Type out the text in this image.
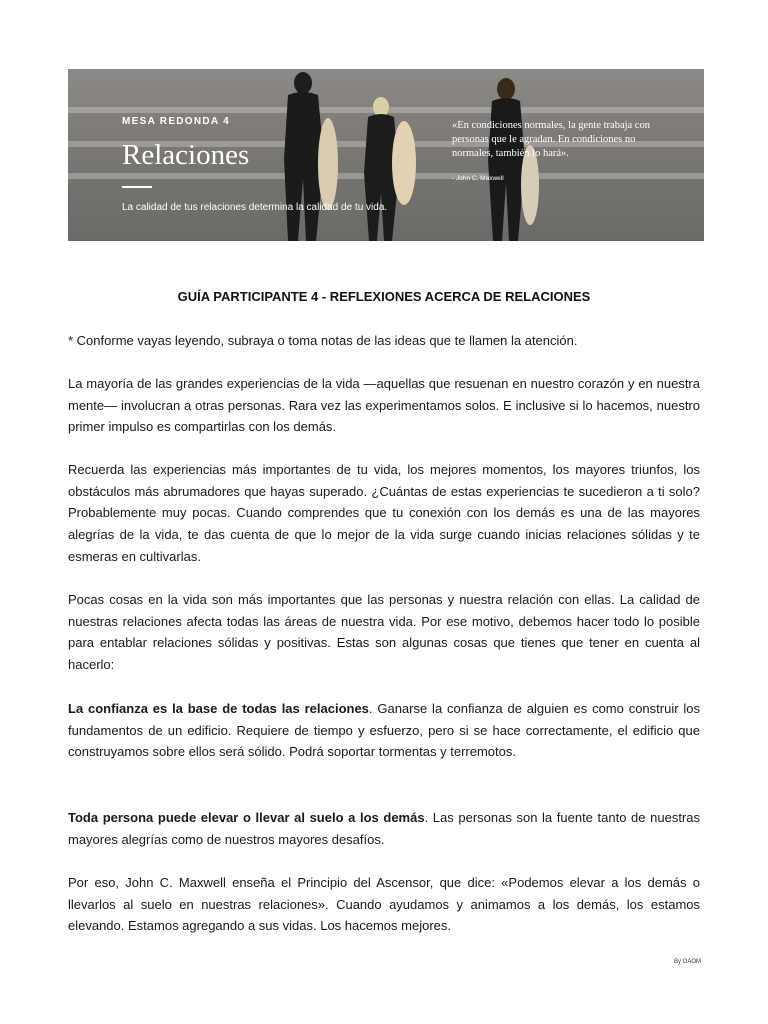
MESA REDONDA 4
Relaciones
La calidad de tus relaciones determina la calidad de tu vida.
«En condiciones normales, la gente trabaja con personas que le agradan. En condiciones no normales, también lo hará».
- John C. Maxwell
GUÍA PARTICIPANTE 4 - REFLEXIONES ACERCA DE RELACIONES
* Conforme vayas leyendo, subraya o toma notas de las ideas que te llamen la atención.
La mayoría de las grandes experiencias de la vida —aquellas que resuenan en nuestro corazón y en nuestra mente— involucran a otras personas. Rara vez las experimentamos solos. E inclusive si lo hacemos, nuestro primer impulso es compartirlas con los demás.
Recuerda las experiencias más importantes de tu vida, los mejores momentos, los mayores triunfos, los obstáculos más abrumadores que hayas superado. ¿Cuántas de estas experiencias te sucedieron a ti solo? Probablemente muy pocas. Cuando comprendes que tu conexión con los demás es una de las mayores alegrías de la vida, te das cuenta de que lo mejor de la vida surge cuando inicias relaciones sólidas y te esmeras en cultivarlas.
Pocas cosas en la vida son más importantes que las personas y nuestra relación con ellas. La calidad de nuestras relaciones afecta todas las áreas de nuestra vida. Por ese motivo, debemos hacer todo lo posible para entablar relaciones sólidas y positivas. Estas son algunas cosas que tienes que tener en cuenta al hacerlo:
La confianza es la base de todas las relaciones. Ganarse la confianza de alguien es como construir los fundamentos de un edificio. Requiere de tiempo y esfuerzo, pero si se hace correctamente, el edificio que construyamos sobre ellos será sólido. Podrá soportar tormentas y terremotos.
Toda persona puede elevar o llevar al suelo a los demás. Las personas son la fuente tanto de nuestras mayores alegrías como de nuestros mayores desafíos.
Por eso, John C. Maxwell enseña el Principio del Ascensor, que dice: «Podemos elevar a los demás o llevarlos al suelo en nuestras relaciones». Cuando ayudamos y animamos a los demás, los estamos elevando. Estamos agregando a sus vidas. Los hacemos mejores.
By OAOM
